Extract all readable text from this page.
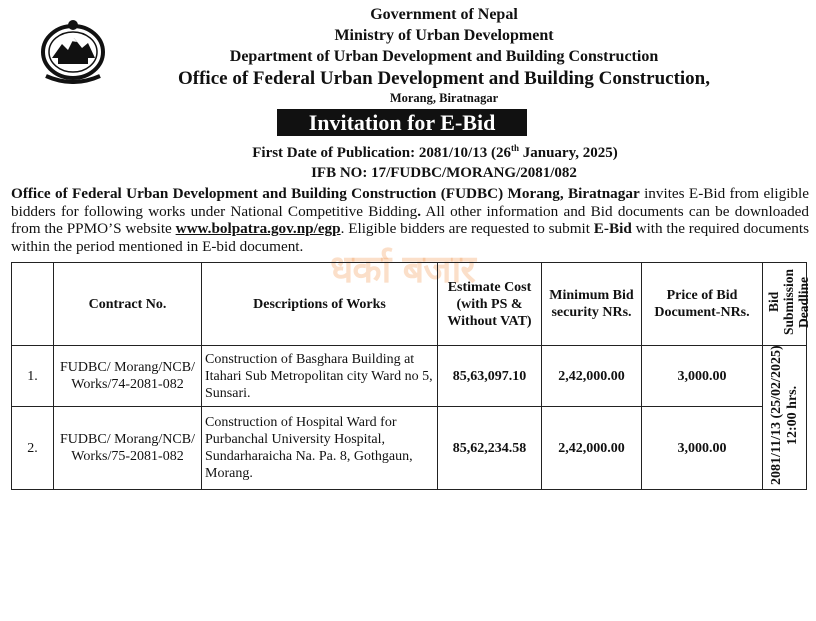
Government of Nepal
Ministry of Urban Development
Department of Urban Development and Building Construction
Office of Federal Urban Development and Building Construction,
Morang, Biratnagar
Invitation for E-Bid
First Date of Publication: 2081/10/13 (26th January, 2025)
IFB NO: 17/FUDBC/MORANG/2081/082
Office of Federal Urban Development and Building Construction (FUDBC) Morang, Biratnagar invites E-Bid from eligible bidders for following works under National Competitive Bidding. All other information and Bid documents can be downloaded from the PPMO’S website www.bolpatra.gov.np/egp. Eligible bidders are requested to submit E-Bid with the required documents within the period mentioned in E-bid document.
धर्का बजार
	Contract No.	Descriptions of Works	Estimate Cost (with PS & Without VAT)	Minimum Bid security NRs.	Price of Bid Document-NRs.	Bid Submission Deadline
1.	FUDBC/ Morang/NCB/ Works/74-2081-082	Construction of Basghara Building at Itahari Sub Metropolitan city Ward no 5, Sunsari.	85,63,097.10	2,42,000.00	3,000.00	2081/11/13 (25/02/2025) 12:00 hrs.
2.	FUDBC/ Morang/NCB/ Works/75-2081-082	Construction of Hospital Ward for Purbanchal University Hospital, Sundarharaicha Na. Pa. 8, Gothgaun, Morang.	85,62,234.58	2,42,000.00	3,000.00	
